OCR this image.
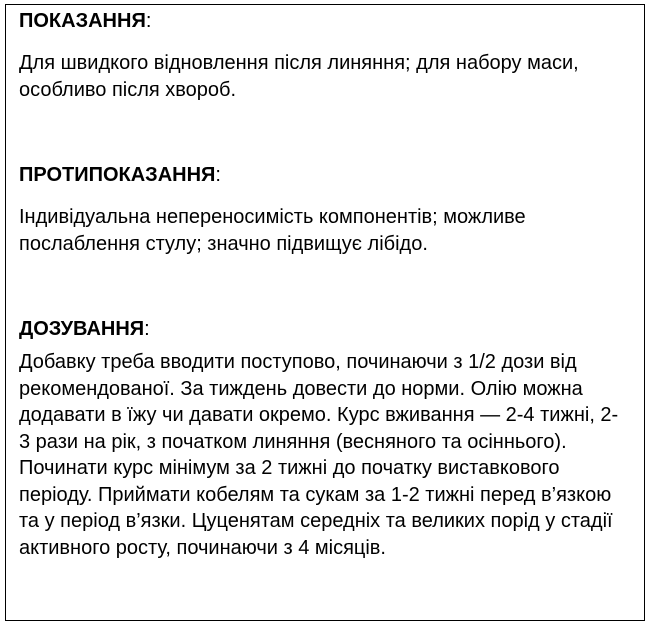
ПОКАЗАННЯ:

Для швидкого відновлення після линяння; для набору маси, особливо після хвороб.

ПРОТИПОКАЗАННЯ:

Індивідуальна непереносимість компонентів; можливе послаблення стулу; значно підвищує лібідо.

ДОЗУВАННЯ:

Добавку треба вводити поступово, починаючи з 1/2 дози від рекомендованої. За тиждень довести до норми. Олію можна додавати в їжу чи давати окремо. Курс вживання — 2-4 тижні, 2-3 рази на рік, з початком линяння (весняного та осіннього). Починати курс мінімум за 2 тижні до початку виставкового періоду. Приймати кобелям та сукам за 1-2 тижні перед в’язкою та у період в’язки. Цуценятам середніх та великих порід у стадії активного росту, починаючи з 4 місяців.
